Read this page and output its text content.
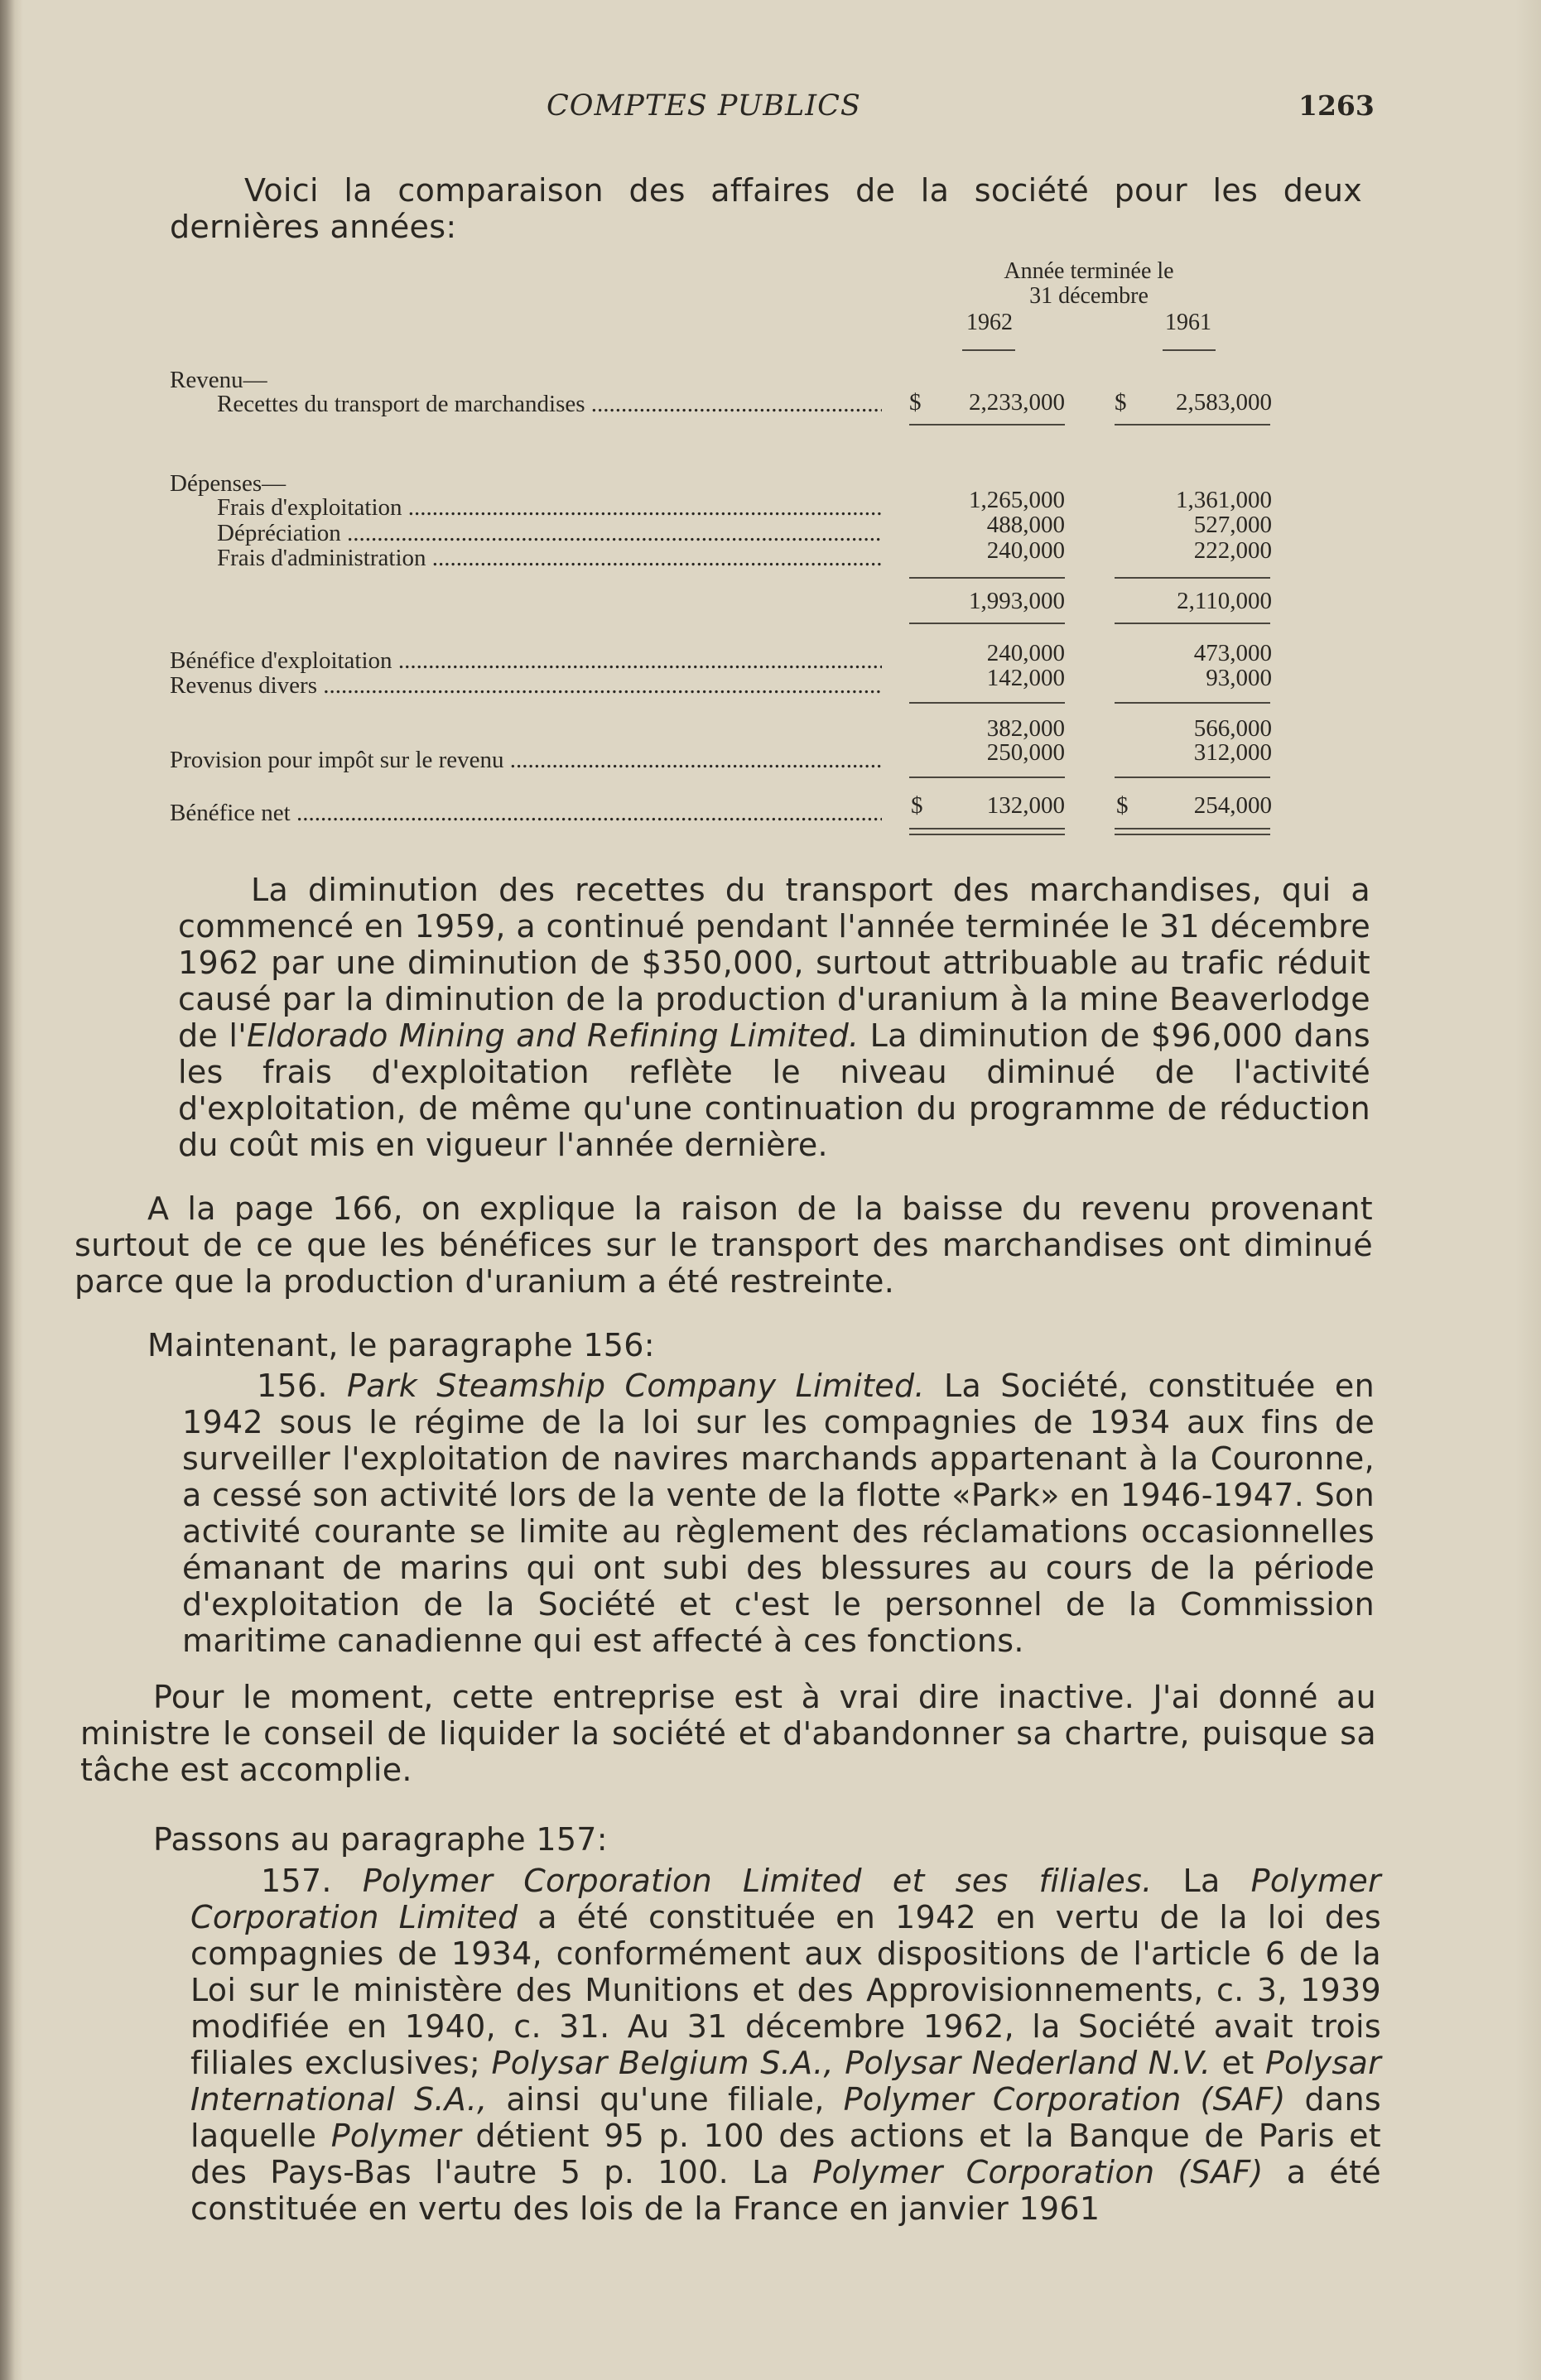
COMPTES PUBLICS	1263

Voici la comparaison des affaires de la société pour les deux dernières années:

Année terminée le
31 décembre
1962	1961
Revenu—
Recettes du transport de marchandises .....	$	2,233,000 $	2,583,000
Dépenses—
Frais d'exploitation .....	1,265,000	1,361,000
Dépréciation .....	488,000	527,000
Frais d'administration .....	240,000	222,000
1,993,000	2,110,000
Bénéfice d'exploitation .....	240,000	473,000
Revenus divers .....	142,000	93,000
382,000	566,000
Provision pour impôt sur le revenu .....	250,000	312,000
Bénéfice net .....	$	132,000 $	254,000

La diminution des recettes du transport des marchandises, qui a commencé en 1959, a continué pendant l'année terminée le 31 décembre 1962 par une diminution de $350,000, surtout attribuable au trafic réduit causé par la diminution de la production d'uranium à la mine Beaverlodge de l'Eldorado Mining and Refining Limited. La diminution de $96,000 dans les frais d'exploitation reflète le niveau diminué de l'activité d'exploitation, de même qu'une continuation du programme de réduction du coût mis en vigueur l'année dernière.

A la page 166, on explique la raison de la baisse du revenu provenant surtout de ce que les bénéfices sur le transport des marchandises ont diminué parce que la production d'uranium a été restreinte.

Maintenant, le paragraphe 156:

156. Park Steamship Company Limited. La Société, constituée en 1942 sous le régime de la loi sur les compagnies de 1934 aux fins de surveiller l'exploitation de navires marchands appartenant à la Couronne, a cessé son activité lors de la vente de la flotte «Park» en 1946-1947. Son activité courante se limite au règlement des réclamations occasionnelles émanant de marins qui ont subi des blessures au cours de la période d'exploitation de la Société et c'est le personnel de la Commission maritime canadienne qui est affecté à ces fonctions.

Pour le moment, cette entreprise est à vrai dire inactive. J'ai donné au ministre le conseil de liquider la société et d'abandonner sa chartre, puisque sa tâche est accomplie.

Passons au paragraphe 157:

157. Polymer Corporation Limited et ses filiales. La Polymer Corporation Limited a été constituée en 1942 en vertu de la loi des compagnies de 1934, conformément aux dispositions de l'article 6 de la Loi sur le ministère des Munitions et des Approvisionnements, c. 3, 1939 modifiée en 1940, c. 31. Au 31 décembre 1962, la Société avait trois filiales exclusives; Polysar Belgium S.A., Polysar Nederland N.V. et Polysar International S.A., ainsi qu'une filiale, Polymer Corporation (SAF) dans laquelle Polymer détient 95 p. 100 des actions et la Banque de Paris et des Pays-Bas l'autre 5 p. 100. La Polymer Corporation (SAF) a été constituée en vertu des lois de la France en janvier 1961
